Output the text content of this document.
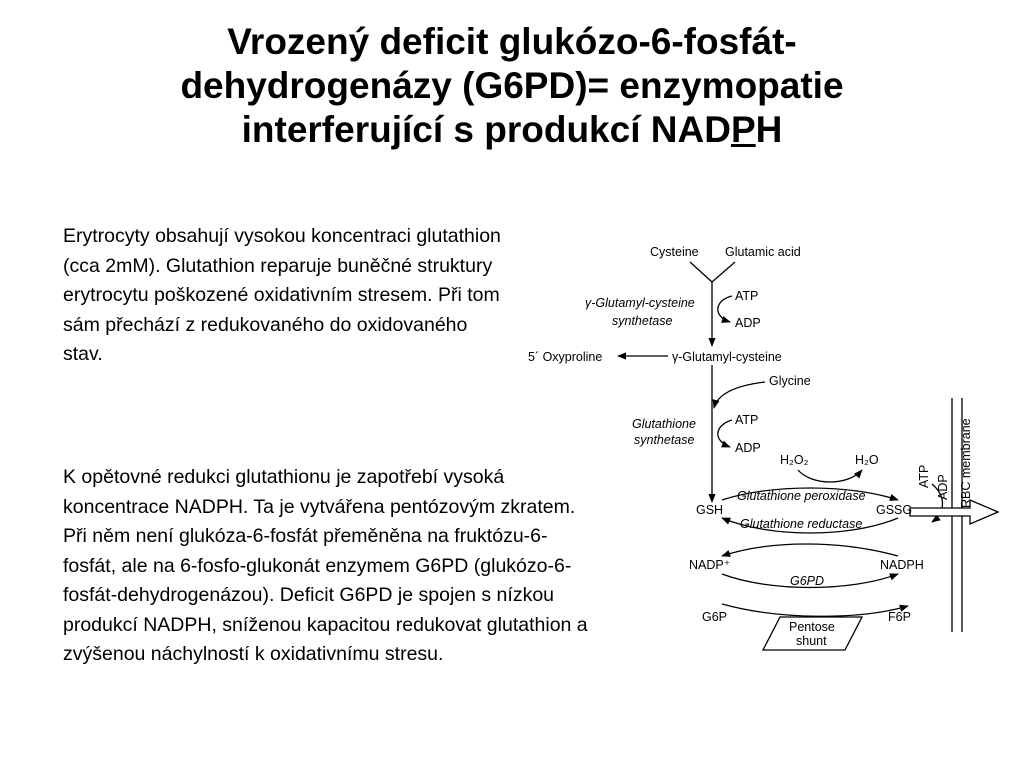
Vrozený deficit glukózo-6-fosfát-
dehydrogenázy (G6PD)= enzymopatie
interferující s produkcí NADPH

Erytrocyty obsahují vysokou koncentraci glutathion (cca 2mM). Glutathion reparuje buněčné struktury erytrocytu poškozené oxidativním stresem. Při tom sám přechází z redukovaného do oxidovaného stav.

K opětovné redukci glutathionu je zapotřebí vysoká koncentrace NADPH. Ta je vytvářena pentózovým zkratem. Při něm není glukóza-6-fosfát přeměněna na fruktózu-6-fosfát, ale na 6-fosfo-glukonát enzymem G6PD (glukózo-6-fosfát-dehydrogenázou). Deficit G6PD je spojen s nízkou produkcí NADPH, sníženou kapacitou redukovat glutathion a zvýšenou náchylností k oxidativnímu stresu.

Cysteine Glutamic acid
γ-Glutamyl-cysteine
synthetase
ATP
ADP
5´ Oxyproline	γ-Glutamyl-cysteine
Glycine
Glutathione
synthetase
ATP
ADP
H₂O₂	H₂O
Glutathione peroxidase
GSH	GSSG
Glutathione reductase
ATP ADP RBC membrane
NADP⁺	NADPH
G6PD
G6P	F6P
Pentose
shunt
